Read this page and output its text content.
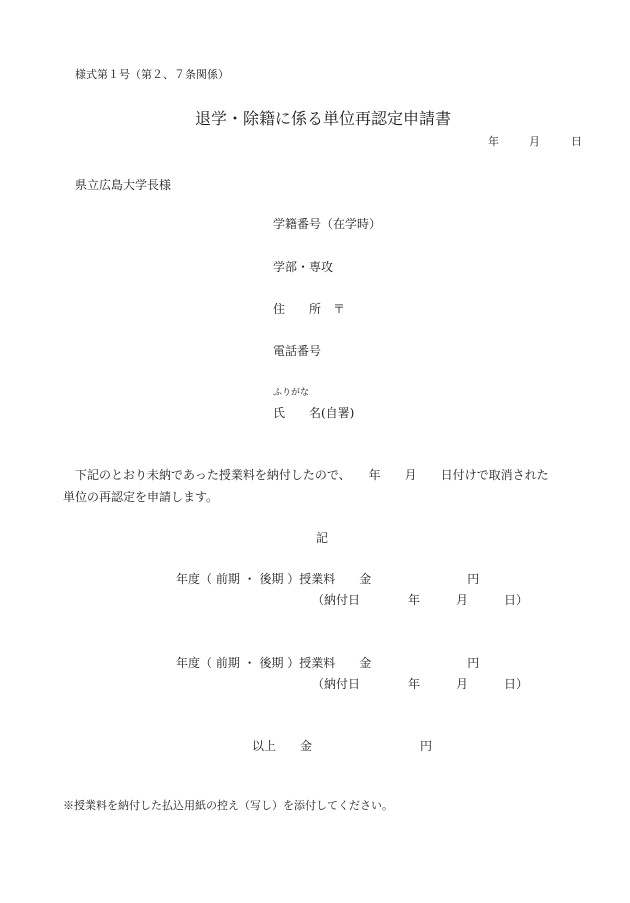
様式第１号（第２、７条関係）
退学・除籍に係る単位再認定申請書
年	月	日
県立広島大学長様
学籍番号（在学時）
学部・専攻
住　　所　〒
電話番号
ふりがな
氏　　名(自署)
下記のとおり未納であった授業料を納付したので、　　年　　月　　日付けで取消された
単位の再認定を申請します。
記
年度（ 前期 ・ 後期 ）授業料　　金　　　　　　　　円
（納付日　　　　年　　　月　　　日）
年度（ 前期 ・ 後期 ）授業料　　金　　　　　　　　円
（納付日　　　　年　　　月　　　日）
以上　　金　　　　　　　　　円
※授業料を納付した払込用紙の控え（写し）を添付してください。
